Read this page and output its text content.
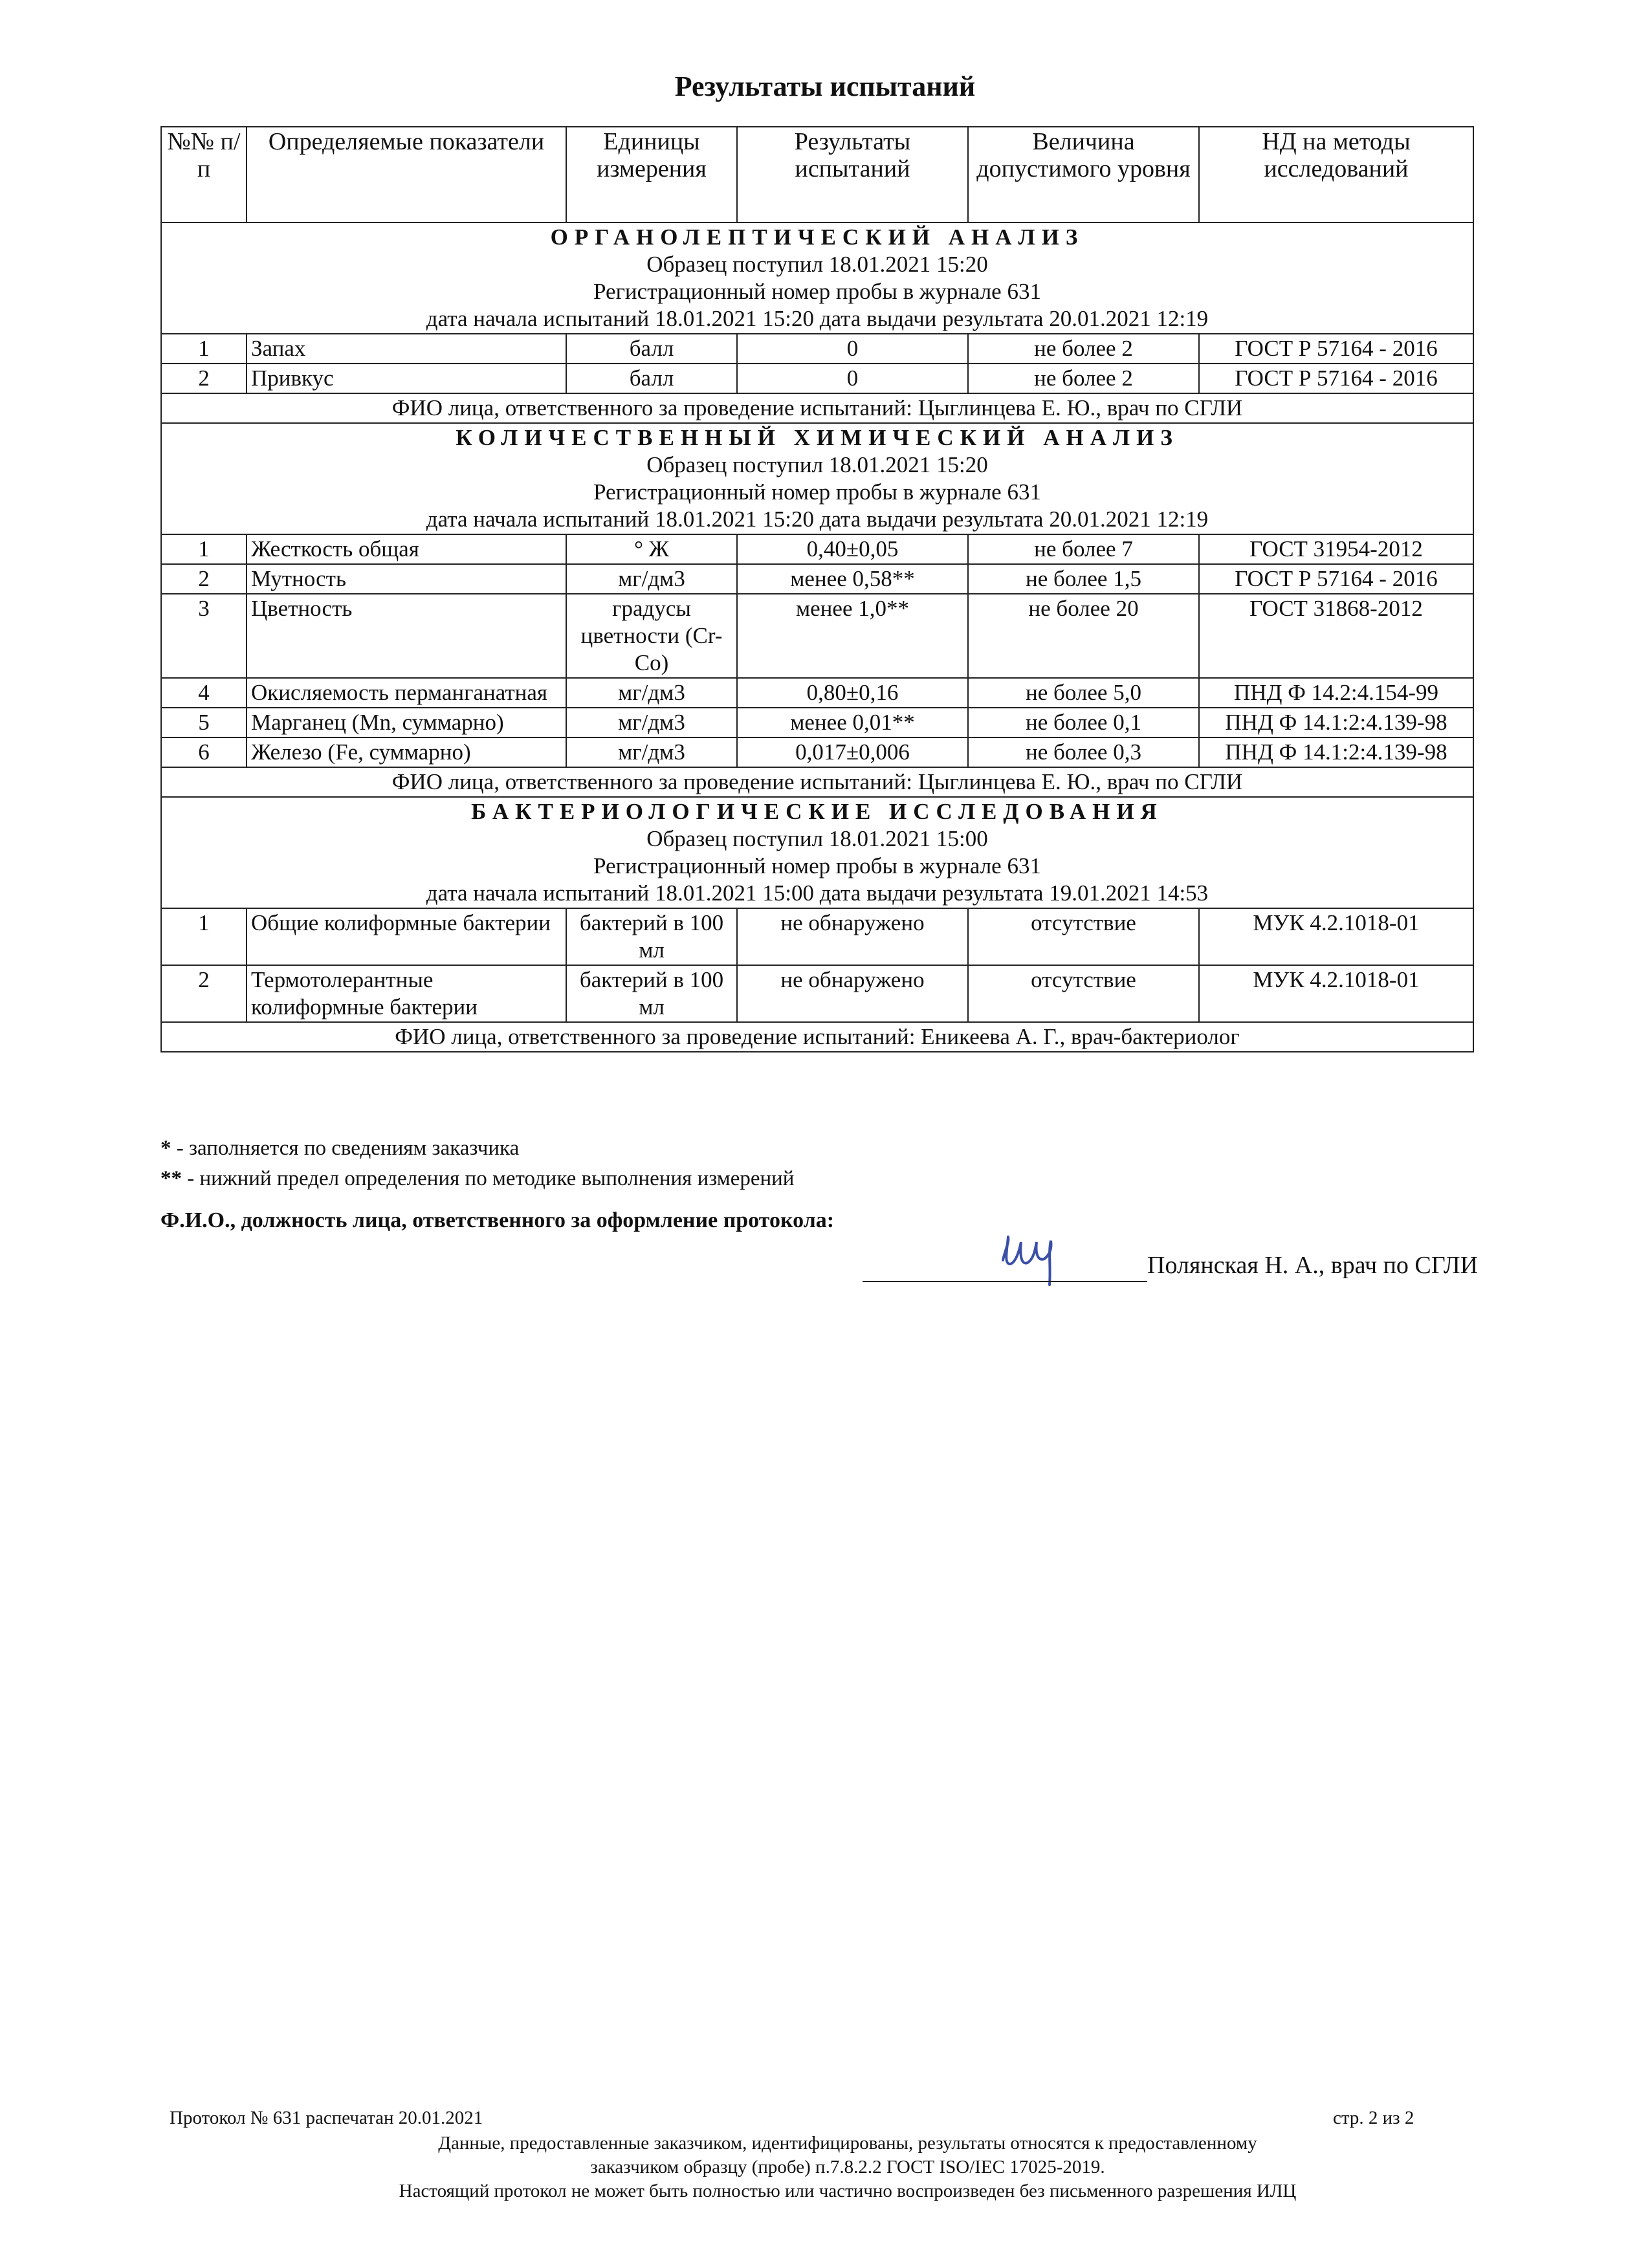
Результаты испытаний
№№ п/п	Определяемые показатели	Единицы измерения	Результаты испытаний	Величина допустимого уровня	НД на методы исследований

ОРГАНОЛЕПТИЧЕСКИЙ АНАЛИЗ
Образец поступил 18.01.2021 15:20
Регистрационный номер пробы в журнале 631
дата начала испытаний 18.01.2021 15:20 дата выдачи результата 20.01.2021 12:19					

1	Запах	балл	0	не более 2	ГОСТ Р 57164 - 2016
2	Привкус	балл	0	не более 2	ГОСТ Р 57164 - 2016
ФИО лица, ответственного за проведение испытаний: Цыглинцева Е. Ю., врач по СГЛИ					

КОЛИЧЕСТВЕННЫЙ ХИМИЧЕСКИЙ АНАЛИЗ
Образец поступил 18.01.2021 15:20
Регистрационный номер пробы в журнале 631
дата начала испытаний 18.01.2021 15:20 дата выдачи результата 20.01.2021 12:19					

1	Жесткость общая	° Ж	0,40±0,05	не более 7	ГОСТ 31954-2012
2	Мутность	мг/дм3	менее 0,58**	не более 1,5	ГОСТ Р 57164 - 2016
3	Цветность	градусы цветности (Cr-Co)	менее 1,0**	не более 20	ГОСТ 31868-2012
4	Окисляемость перманганатная	мг/дм3	0,80±0,16	не более 5,0	ПНД Ф 14.2:4.154-99
5	Марганец (Mn, суммарно)	мг/дм3	менее 0,01**	не более 0,1	ПНД Ф 14.1:2:4.139-98
6	Железо (Fe, суммарно)	мг/дм3	0,017±0,006	не более 0,3	ПНД Ф 14.1:2:4.139-98
ФИО лица, ответственного за проведение испытаний: Цыглинцева Е. Ю., врач по СГЛИ					

БАКТЕРИОЛОГИЧЕСКИЕ ИССЛЕДОВАНИЯ
Образец поступил 18.01.2021 15:00
Регистрационный номер пробы в журнале 631
дата начала испытаний 18.01.2021 15:00 дата выдачи результата 19.01.2021 14:53					

1	Общие колиформные бактерии	бактерий в 100 мл	не обнаружено	отсутствие	МУК 4.2.1018-01
2	Термотолерантные колиформные бактерии	бактерий в 100 мл	не обнаружено	отсутствие	МУК 4.2.1018-01
ФИО лица, ответственного за проведение испытаний: Еникеева А. Г., врач-бактериолог					
* - заполняется по сведениям заказчика
** - нижний предел определения по методике выполнения измерений
Ф.И.О., должность лица, ответственного за оформление протокола:
Полянская Н. А., врач по СГЛИ
Протокол № 631 распечатан 20.01.2021	стр. 2 из 2
Данные, предоставленные заказчиком, идентифицированы, результаты относятся к предоставленному
заказчиком образцу (пробе) п.7.8.2.2 ГОСТ ISO/IEC 17025-2019.
Настоящий протокол не может быть полностью или частично воспроизведен без письменного разрешения ИЛЦ
